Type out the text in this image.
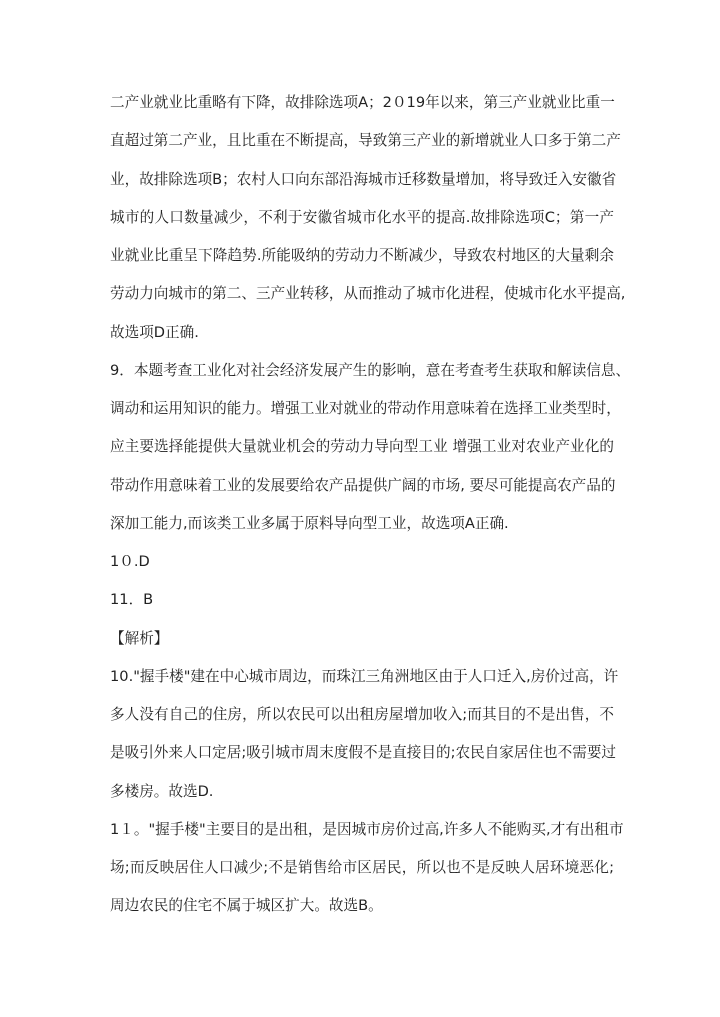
二产业就业比重略有下降，故排除选项A；2０19年以来，第三产业就业比重一
直超过第二产业，且比重在不断提高，导致第三产业的新增就业人口多于第二产
业，故排除选项B；农村人口向东部沿海城市迁移数量增加，将导致迁入安徽省
城市的人口数量减少，不利于安徽省城市化水平的提高.故排除选项C；第一产
业就业比重呈下降趋势.所能吸纳的劳动力不断减少，导致农村地区的大量剩余
劳动力向城市的第二、三产业转移，从而推动了城市化进程，使城市化水平提高,
故选项D正确.
9．本题考查工业化对社会经济发展产生的影响，意在考查考生获取和解读信息、
调动和运用知识的能力。增强工业对就业的带动作用意味着在选择工业类型时，
应主要选择能提供大量就业机会的劳动力导向型工业 增强工业对农业产业化的
带动作用意味着工业的发展要给农产品提供广阔的市场, 要尽可能提高农产品的
深加工能力,而该类工业多属于原料导向型工业，故选项A正确.
1０.D
11．B
【解析】
10."握手楼"建在中心城市周边，而珠江三角洲地区由于人口迁入,房价过高，许
多人没有自己的住房，所以农民可以出租房屋增加收入;而其目的不是出售，不
是吸引外来人口定居;吸引城市周末度假不是直接目的;农民自家居住也不需要过
多楼房。故选D.
1１。"握手楼"主要目的是出租，是因城市房价过高,许多人不能购买,才有出租市
场;而反映居住人口减少;不是销售给市区居民，所以也不是反映人居环境恶化;
周边农民的住宅不属于城区扩大。故选B。
